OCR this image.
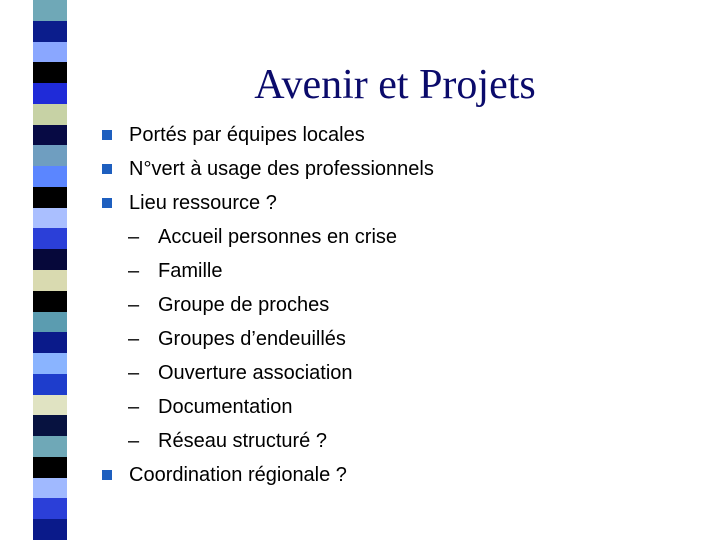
Avenir et Projets
Portés par équipes locales
N°vert à usage des professionnels
Lieu ressource ?
– Accueil personnes en crise
– Famille
– Groupe de proches
– Groupes d’endeuillés
– Ouverture association
– Documentation
– Réseau structuré ?
Coordination régionale ?
